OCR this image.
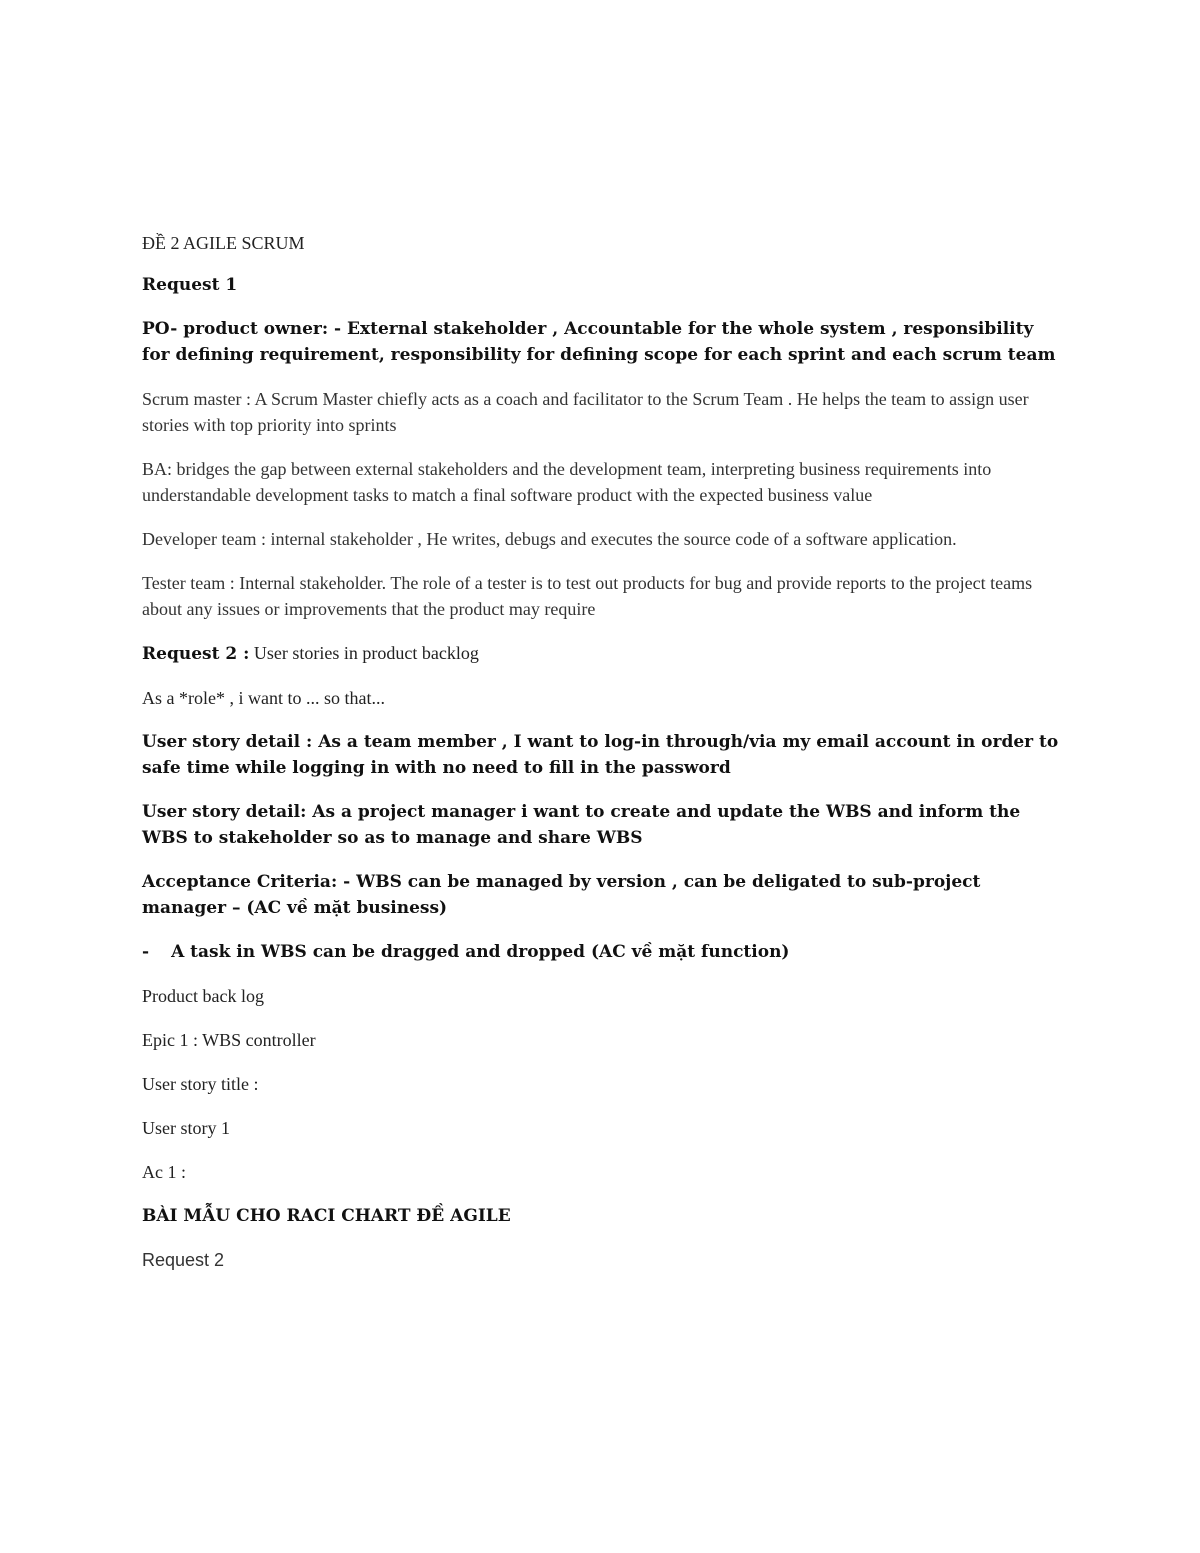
ĐỀ 2 AGILE SCRUM
Request 1
PO- product owner: - External stakeholder , Accountable for the whole system , responsibility for defining requirement, responsibility for defining scope for each sprint and each scrum team
Scrum master : A Scrum Master chiefly acts as a coach and facilitator to the Scrum Team . He helps the team to assign user stories with top priority into sprints
BA: bridges the gap between external stakeholders and the development team, interpreting business requirements into understandable development tasks to match a final software product with the expected business value
Developer team : internal stakeholder , He writes, debugs and executes the source code of a software application.
Tester team : Internal stakeholder. The role of a tester is to test out products for bug and provide reports to the project teams about any issues or improvements that the product may require
Request 2 : User stories in product backlog
As a *role* , i want to ... so that...
User story detail : As a team member , I want to log-in through/via my email account in order to safe time while logging in with no need to fill in the password
User story detail: As a project manager i want to create and update the WBS and inform the WBS to stakeholder so as to manage and share WBS
Acceptance Criteria: - WBS can be managed by version , can be deligated to sub-project manager – (AC về mặt business)
- A task in WBS can be dragged and dropped (AC về mặt function)
Product back log
Epic 1 : WBS controller
User story title :
User story 1
Ac 1 :
BÀI MẪU CHO RACI CHART ĐỀ AGILE
Request 2
